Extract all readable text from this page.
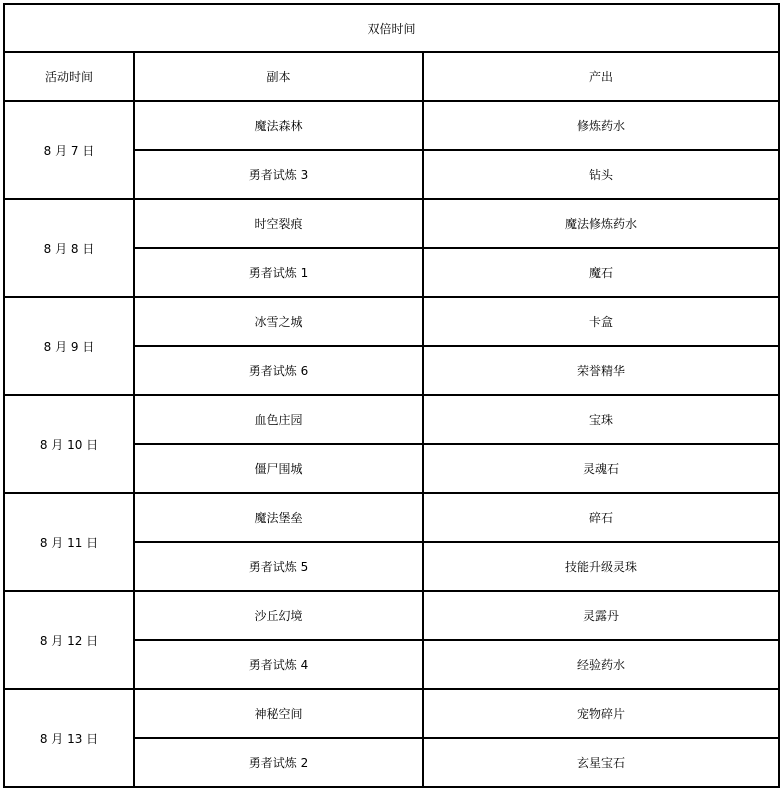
双倍时间		
活动时间	副本	产出
8 月 7 日	魔法森林	修炼药水
	勇者试炼 3	钻头
8 月 8 日	时空裂痕	魔法修炼药水
	勇者试炼 1	魔石
8 月 9 日	冰雪之城	卡盒
	勇者试炼 6	荣誉精华
8 月 10 日	血色庄园	宝珠
	僵尸围城	灵魂石
8 月 11 日	魔法堡垒	碎石
	勇者试炼 5	技能升级灵珠
8 月 12 日	沙丘幻境	灵露丹
	勇者试炼 4	经验药水
8 月 13 日	神秘空间	宠物碎片
	勇者试炼 2	玄星宝石
